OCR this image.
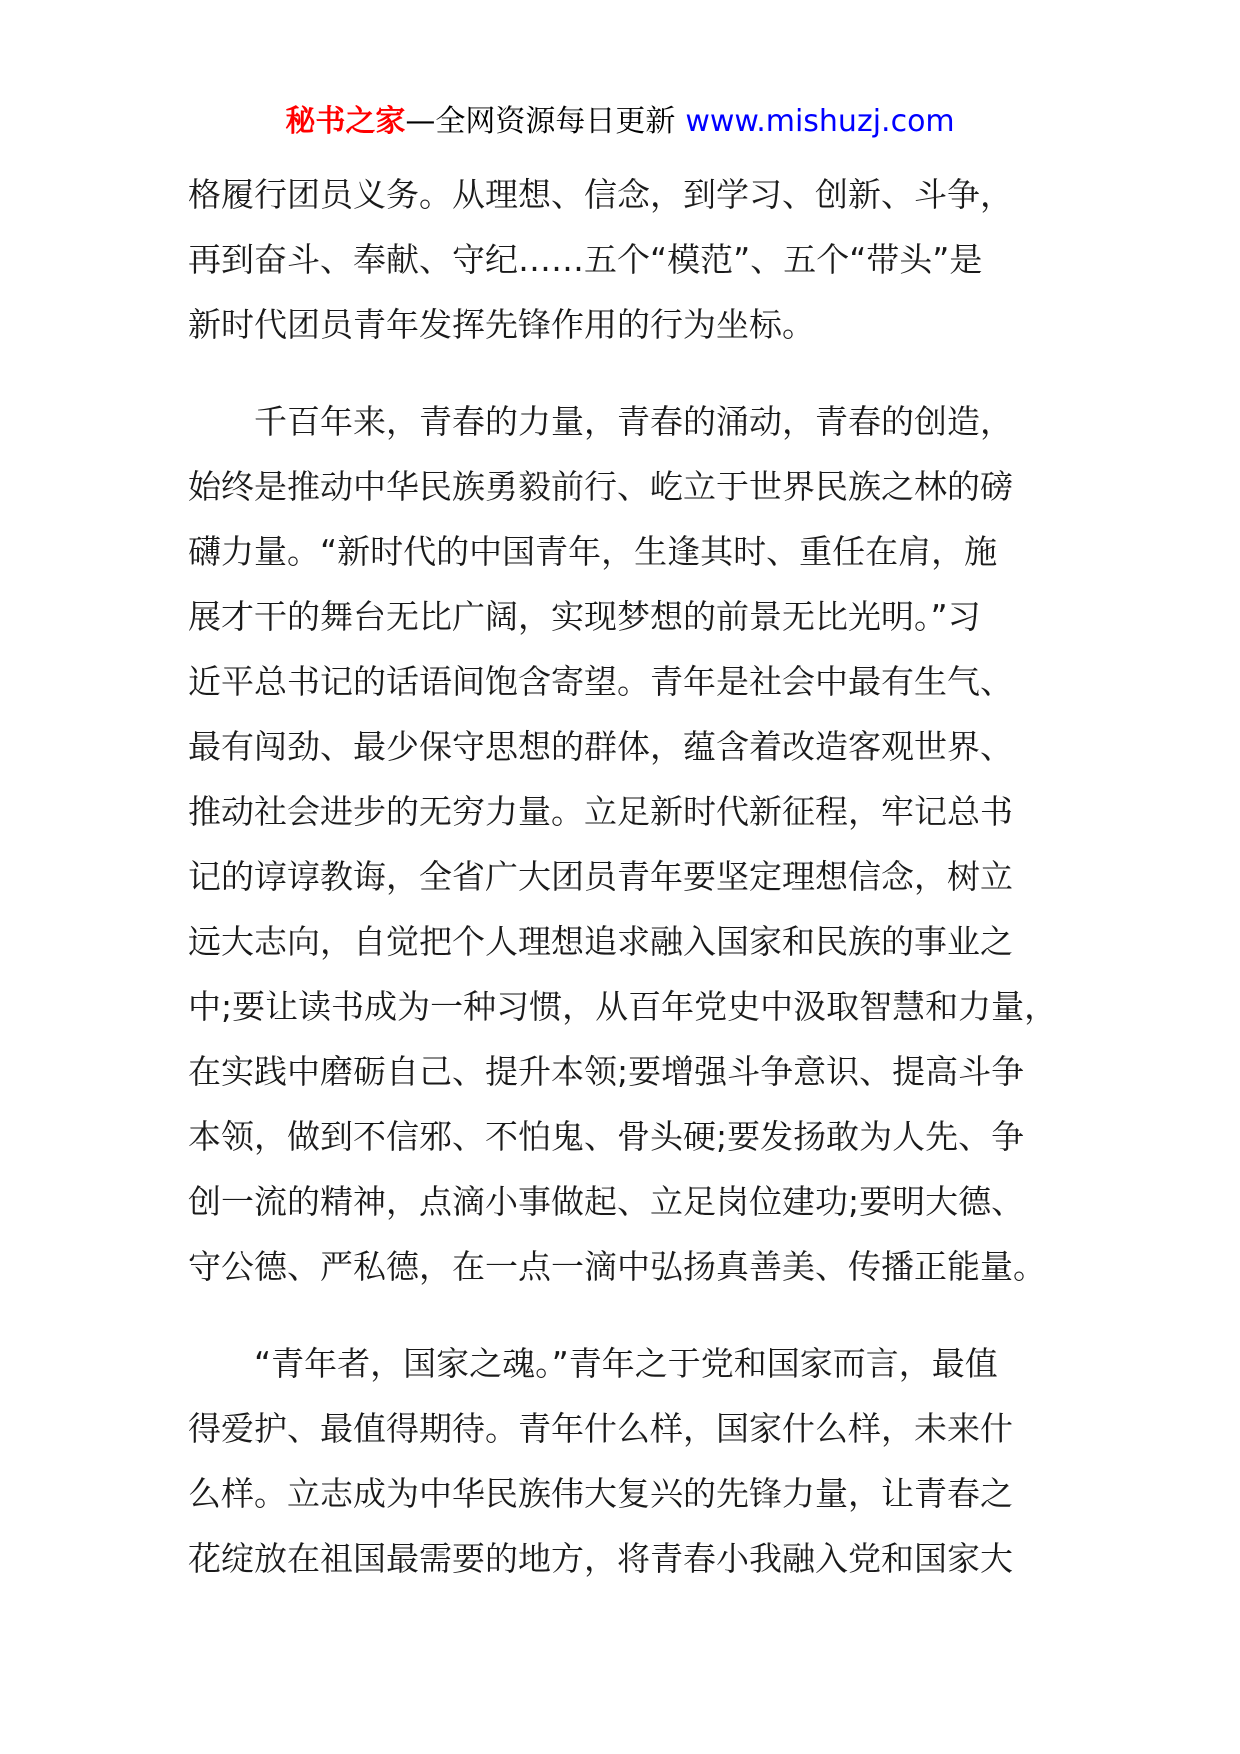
秘书之家—全网资源每日更新 www.mishuzj.com

格履行团员义务。从理想、信念，到学习、创新、斗争，
再到奋斗、奉献、守纪……五个“模范”、五个“带头”是
新时代团员青年发挥先锋作用的行为坐标。

千百年来，青春的力量，青春的涌动，青春的创造，
始终是推动中华民族勇毅前行、屹立于世界民族之林的磅
礴力量。“新时代的中国青年，生逢其时、重任在肩，施
展才干的舞台无比广阔，实现梦想的前景无比光明。”习
近平总书记的话语间饱含寄望。青年是社会中最有生气、
最有闯劲、最少保守思想的群体，蕴含着改造客观世界、
推动社会进步的无穷力量。立足新时代新征程，牢记总书
记的谆谆教诲，全省广大团员青年要坚定理想信念，树立
远大志向，自觉把个人理想追求融入国家和民族的事业之
中;要让读书成为一种习惯，从百年党史中汲取智慧和力量，
在实践中磨砺自己、提升本领;要增强斗争意识、提高斗争
本领，做到不信邪、不怕鬼、骨头硬;要发扬敢为人先、争
创一流的精神，点滴小事做起、立足岗位建功;要明大德、
守公德、严私德，在一点一滴中弘扬真善美、传播正能量。

“青年者，国家之魂。”青年之于党和国家而言，最值
得爱护、最值得期待。青年什么样，国家什么样，未来什
么样。立志成为中华民族伟大复兴的先锋力量，让青春之
花绽放在祖国最需要的地方，将青春小我融入党和国家大
